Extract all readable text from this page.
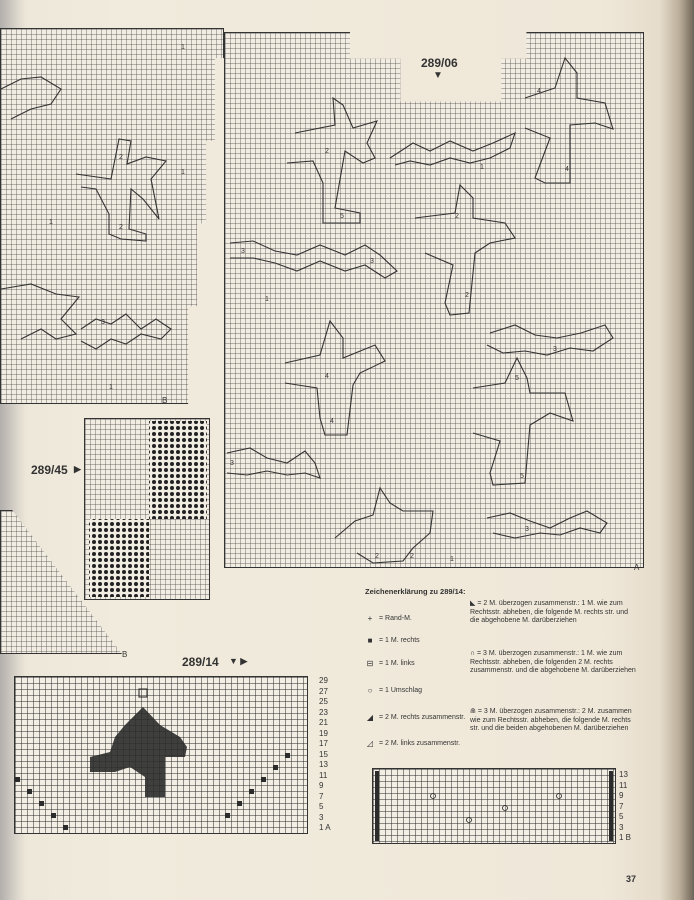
1
2
2
1
3
1
1
B
1
2
5
4
4
2
2
3
3
4
4
5
5
3
3
2	2
3
1
1
289/06
▼
A
289/45 ▶
B
289/14 ▼ ▶
29
27
25
23
21
19
17
15
13
11
9
7
5
3
1 A
Zeichenerklärung zu 289/14:
+ = Rand-M.
■ = 1 M. rechts
⊟ = 1 M. links
○ = 1 Umschlag
◢ = 2 M. rechts zusammenstr.
◿ = 2 M. links zusammenstr.
◣ = 2 M. überzogen zusammenstr.: 1 M. wie zum Rechtsstr. abheben, die folgende M. rechts str. und die abgehobene M. darüberziehen
∩ = 3 M. überzogen zusammenstr.: 1 M. wie zum Rechtsstr. abheben, die folgenden 2 M. rechts zusammenstr. und die abgehobene M. darüberziehen
⋒ = 3 M. überzogen zusammenstr.: 2 M. zusammen wie zum Rechtsstr. abheben, die folgende M. rechts str. und die beiden abgehobenen M. darüberziehen
13
11
9
7
5
3
1 B
37
